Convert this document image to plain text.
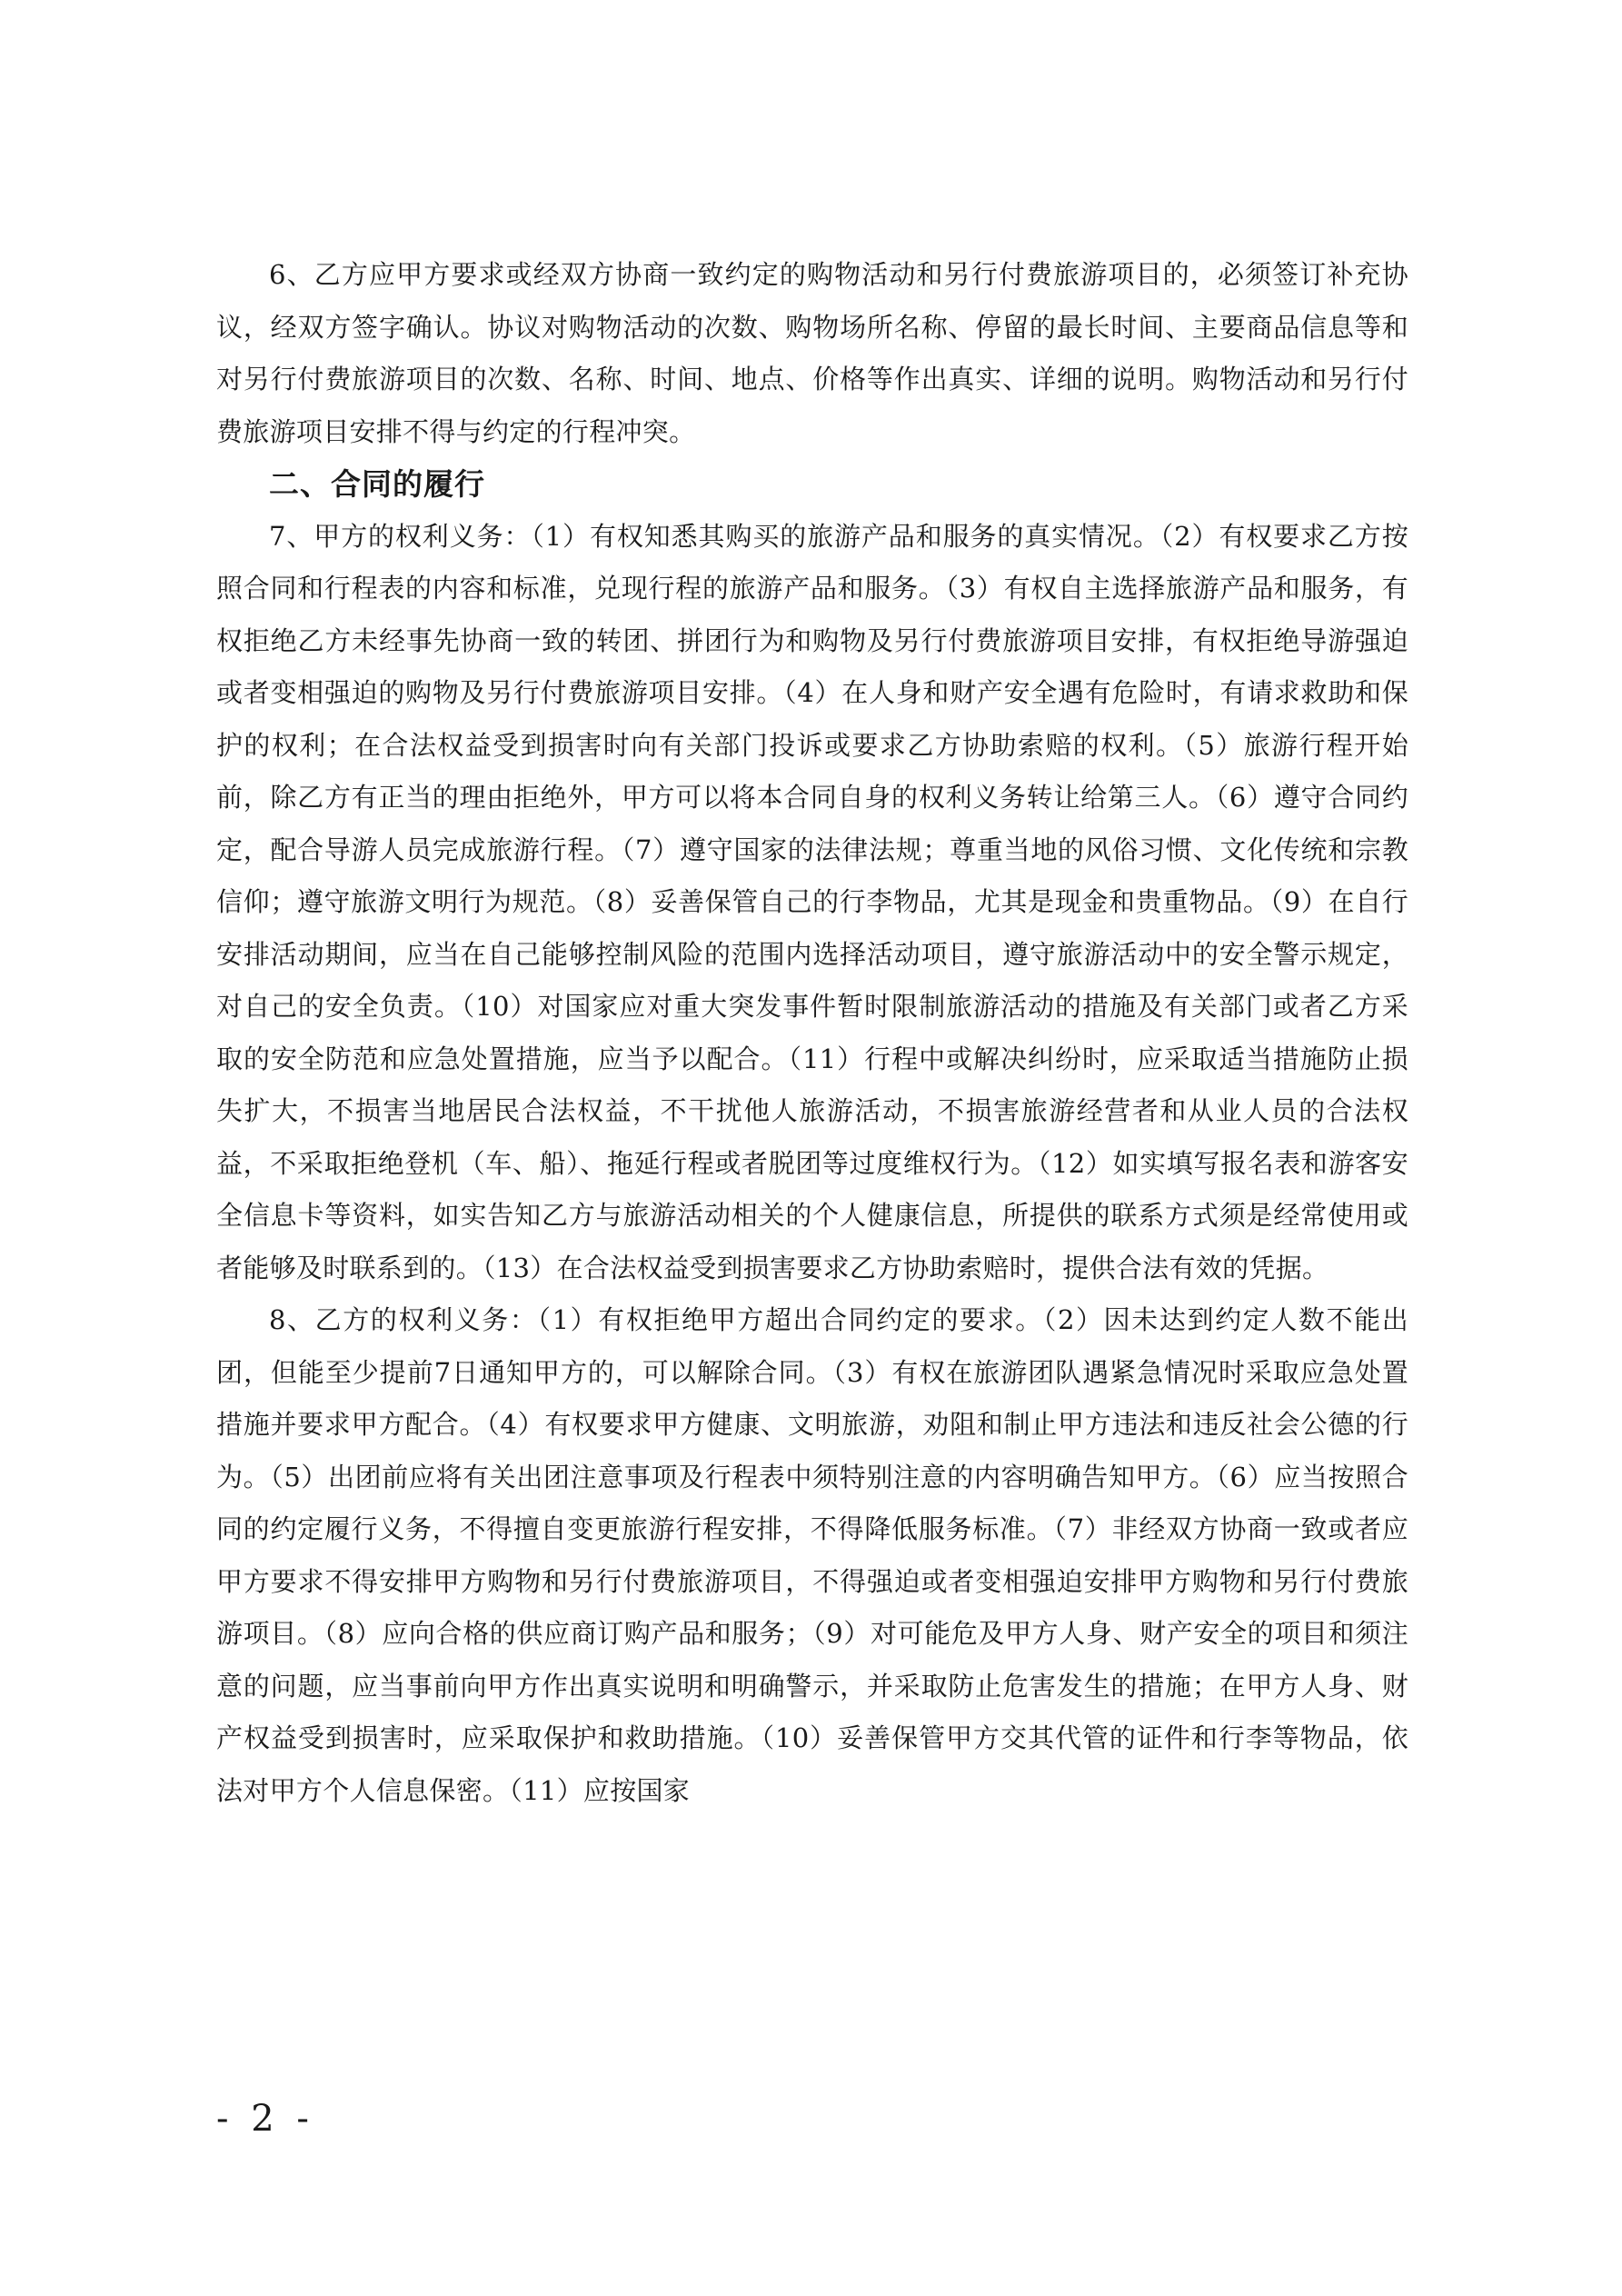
6、乙方应甲方要求或经双方协商一致约定的购物活动和另行付费旅游项目的，必须签订补充协议，经双方签字确认。协议对购物活动的次数、购物场所名称、停留的最长时间、主要商品信息等和对另行付费旅游项目的次数、名称、时间、地点、价格等作出真实、详细的说明。购物活动和另行付费旅游项目安排不得与约定的行程冲突。

二、合同的履行

7、甲方的权利义务：（1）有权知悉其购买的旅游产品和服务的真实情况。（2）有权要求乙方按照合同和行程表的内容和标准，兑现行程的旅游产品和服务。（3）有权自主选择旅游产品和服务，有权拒绝乙方未经事先协商一致的转团、拼团行为和购物及另行付费旅游项目安排，有权拒绝导游强迫或者变相强迫的购物及另行付费旅游项目安排。（4）在人身和财产安全遇有危险时，有请求救助和保护的权利；在合法权益受到损害时向有关部门投诉或要求乙方协助索赔的权利。（5）旅游行程开始前，除乙方有正当的理由拒绝外，甲方可以将本合同自身的权利义务转让给第三人。（6）遵守合同约定，配合导游人员完成旅游行程。（7）遵守国家的法律法规；尊重当地的风俗习惯、文化传统和宗教信仰；遵守旅游文明行为规范。（8）妥善保管自己的行李物品，尤其是现金和贵重物品。（9）在自行安排活动期间，应当在自己能够控制风险的范围内选择活动项目，遵守旅游活动中的安全警示规定，对自己的安全负责。（10）对国家应对重大突发事件暂时限制旅游活动的措施及有关部门或者乙方采取的安全防范和应急处置措施，应当予以配合。（11）行程中或解决纠纷时，应采取适当措施防止损失扩大，不损害当地居民合法权益，不干扰他人旅游活动，不损害旅游经营者和从业人员的合法权益，不采取拒绝登机（车、船）、拖延行程或者脱团等过度维权行为。（12）如实填写报名表和游客安全信息卡等资料，如实告知乙方与旅游活动相关的个人健康信息，所提供的联系方式须是经常使用或者能够及时联系到的。（13）在合法权益受到损害要求乙方协助索赔时，提供合法有效的凭据。

8、乙方的权利义务：（1）有权拒绝甲方超出合同约定的要求。（2）因未达到约定人数不能出团，但能至少提前7日通知甲方的，可以解除合同。（3）有权在旅游团队遇紧急情况时采取应急处置措施并要求甲方配合。（4）有权要求甲方健康、文明旅游，劝阻和制止甲方违法和违反社会公德的行为。（5）出团前应将有关出团注意事项及行程表中须特别注意的内容明确告知甲方。（6）应当按照合同的约定履行义务，不得擅自变更旅游行程安排，不得降低服务标准。（7）非经双方协商一致或者应甲方要求不得安排甲方购物和另行付费旅游项目，不得强迫或者变相强迫安排甲方购物和另行付费旅游项目。（8）应向合格的供应商订购产品和服务；（9）对可能危及甲方人身、财产安全的项目和须注意的问题，应当事前向甲方作出真实说明和明确警示，并采取防止危害发生的措施；在甲方人身、财产权益受到损害时，应采取保护和救助措施。（10）妥善保管甲方交其代管的证件和行李等物品，依法对甲方个人信息保密。（11）应按国家

- 2 -
